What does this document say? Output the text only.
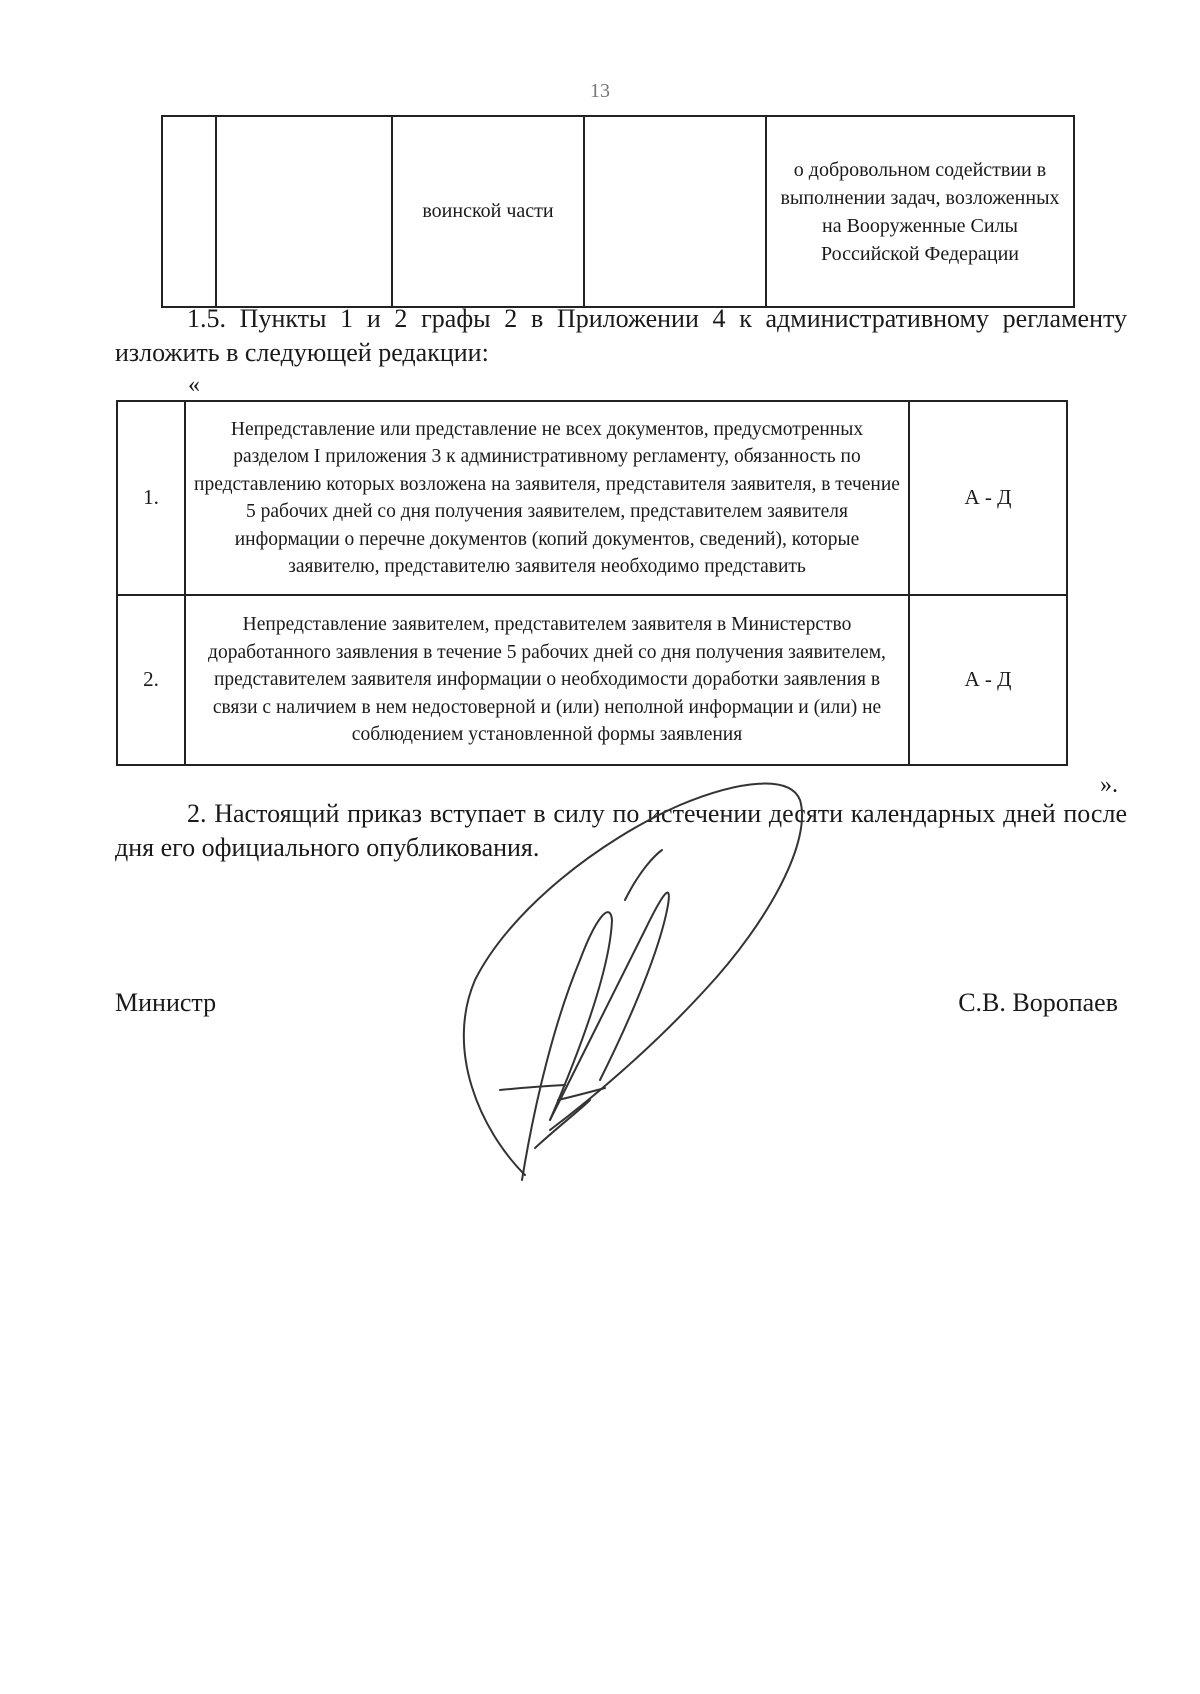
13
		воинской части		о добровольном содействии в выполнении задач, возложенных на Вооруженные Силы Российской Федерации
1.5. Пункты 1 и 2 графы 2 в Приложении 4 к административному регламенту изложить в следующей редакции:
«
1.	Непредставление или представление не всех документов, предусмотренных разделом I приложения 3 к административному регламенту, обязанность по представлению которых возложена на заявителя, представителя заявителя, в течение 5 рабочих дней со дня получения заявителем, представителем заявителя информации о перечне документов (копий документов, сведений), которые заявителю, представителю заявителя необходимо представить	А - Д
2.	Непредставление заявителем, представителем заявителя в Министерство доработанного заявления в течение 5 рабочих дней со дня получения заявителем, представителем заявителя информации о необходимости доработки заявления в связи с наличием в нем недостоверной и (или) неполной информации и (или) не соблюдением установленной формы заявления	А - Д
».
2. Настоящий приказ вступает в силу по истечении десяти календарных дней после дня его официального опубликования.
Министр	С.В. Воропаев
